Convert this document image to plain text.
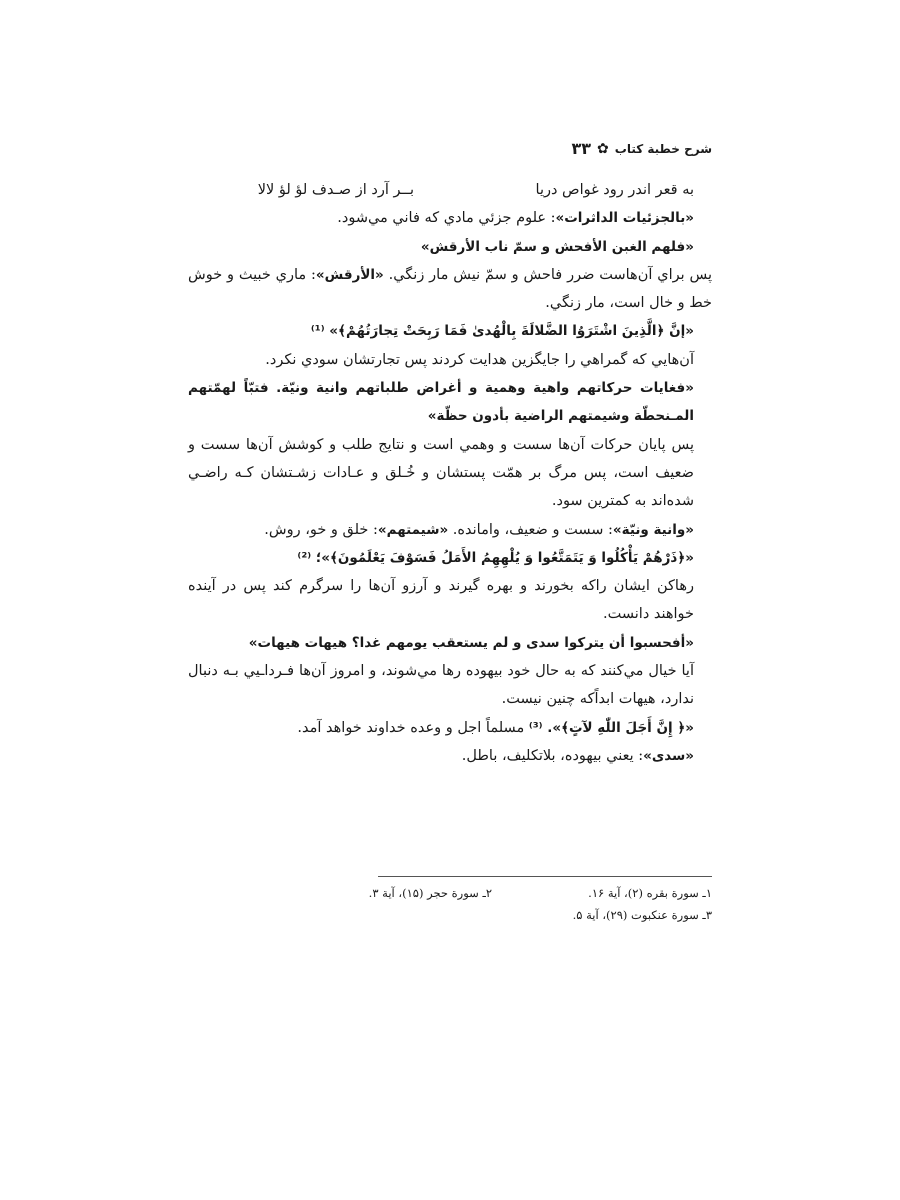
شرح خطبة كتاب
✿
۳۳
به قعر اندر رود غواص دريا
بــر آرد از صـدف لؤ لؤ لالا

«بالجزئيات الداثرات»: علوم جزئي مادي كه فاني مي‌شود.

«فلهم الغبن الأفحش و سمّ ناب الأرقش»

پس براي آن‌هاست ضرر فاحش و سمّ نيش مار زنگي. «الأرقش»: ماري خبيث و خوش خط و خال است، مار زنگي.

«إنَّ ﴿الَّذِينَ اشْتَرَوُا الضَّلالَةَ بِالْهُدىٰ فَمَا رَبِحَتْ تِجارَتُهُمْ﴾» ⁽¹⁾

آن‌هايي كه گمراهي را جايگزين هدايت كردند پس تجارتشان سودي نكرد.

«فغايات حركاتهم واهية وهمية و أغراض طلباتهم وانية ونيّة. فتبّاً لهمّتهم المـنحطّة وشيمتهم الراضية بأدون حظّة»

پس پايان حركات آن‌ها سست و وهمي است و نتايج طلب و كوشش آن‌ها سست و ضعيف است، پس مرگ بر همّت پستشان و خُـلق و عـادات زشـتشان كـه راضـي شده‌اند به كمترين سود.

«وانية ونيّة»: سست و ضعيف، وامانده. «شيمتهم»: خلق و خو، روش.

«﴿ذَرْهُمْ يَأْكُلُوا وَ يَتَمَتَّعُوا وَ يُلْهِهِمُ الأَمَلُ فَسَوْفَ يَعْلَمُونَ﴾»؛ ⁽²⁾

رهاكن ايشان راكه بخورند و بهره گيرند و آرزو آن‌ها را سرگرم كند پس در آينده خواهند دانست.

«أفحسبوا أن يتركوا سدى و لم يستعقب يومهم غدا؟ هيهات هيهات»

آيا خيال مي‌كنند كه به حال خود بيهوده رها مي‌شوند، و امروز آن‌ها فـرداـيي بـه دنبال ندارد، هيهات ابداًكه چنين نيست.

«﴿ إِنَّ أَجَلَ اللّٰهِ لآتٍ﴾». ⁽³⁾ مسلماً اجل و وعده خداوند خواهد آمد.

«سدى»: يعني بيهوده، بلاتكليف، باطل.

۱ـ سورة بقره (۲)، آية ۱۶.
۲ـ سورة حجر (۱۵)، آية ۳.
۳ـ سورة عنكبوت (۲۹)، آية ۵.
